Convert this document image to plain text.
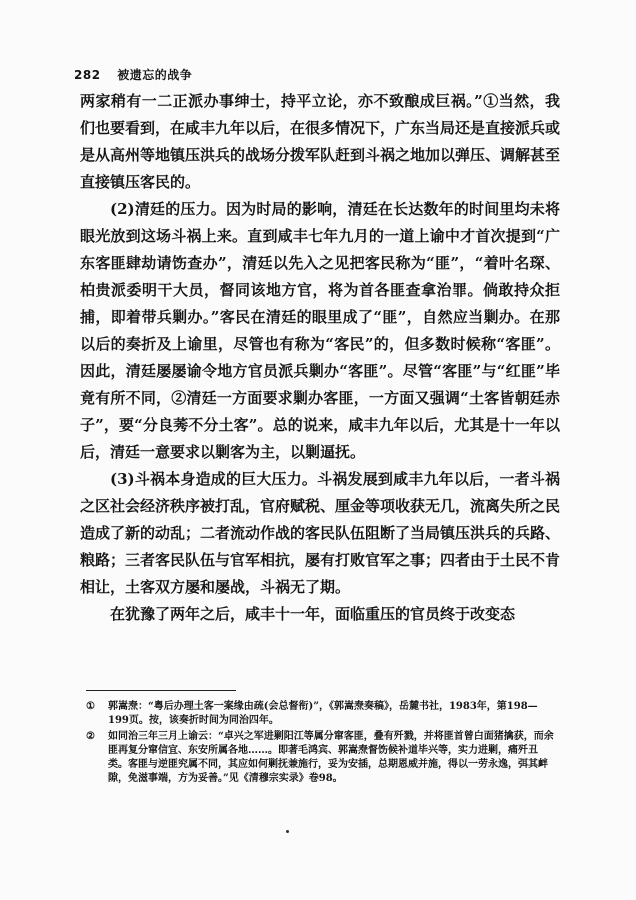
282 被遗忘的战争

两家稍有一二正派办事绅士，持平立论，亦不致酿成巨祸。”①当然，我们也要看到，在咸丰九年以后，在很多情况下，广东当局还是直接派兵或是从高州等地镇压洪兵的战场分拨军队赶到斗祸之地加以弹压、调解甚至直接镇压客民的。

(2)清廷的压力。因为时局的影响，清廷在长达数年的时间里均未将眼光放到这场斗祸上来。直到咸丰七年九月的一道上谕中才首次提到“广东客匪肆劫请饬查办”，清廷以先入之见把客民称为“匪”，“着叶名琛、柏贵派委明干大员，督同该地方官，将为首各匪查拿治罪。倘敢持众拒捕，即着带兵剿办。”客民在清廷的眼里成了“匪”，自然应当剿办。在那以后的奏折及上谕里，尽管也有称为“客民”的，但多数时候称“客匪”。因此，清廷屡屡谕令地方官员派兵剿办“客匪”。尽管“客匪”与“红匪”毕竟有所不同，②清廷一方面要求剿办客匪，一方面又强调“土客皆朝廷赤子”，要“分良莠不分土客”。总的说来，咸丰九年以后，尤其是十一年以后，清廷一意要求以剿客为主，以剿逼抚。

(3)斗祸本身造成的巨大压力。斗祸发展到咸丰九年以后，一者斗祸之区社会经济秩序被打乱，官府赋税、厘金等项收获无几，流离失所之民造成了新的动乱；二者流动作战的客民队伍阻断了当局镇压洪兵的兵路、粮路；三者客民队伍与官军相抗，屡有打败官军之事；四者由于土民不肯相让，土客双方屡和屡战，斗祸无了期。

在犹豫了两年之后，咸丰十一年，面临重压的官员终于改变态

①	郭嵩焘：“粤后办理土客一案缘由疏(会总督衔)”，《郭嵩焘奏稿》，岳麓书社，1983年，第198—199页。按，该奏折时间为同治四年。
②	如同治三年三月上谕云：“卓兴之军进剿阳江等属分窜客匪，叠有歼戮，并将匪首曾白面猪擒获，而余匪再复分窜信宜、东安所属各地……。即著毛鸿宾、郭嵩焘督饬候补道毕兴等，实力进剿，痛歼丑类。客匪与逆匪究属不同，其应如何剿抚兼施行，妥为安插，总期恩威并施，得以一劳永逸，弭其衅隙，免滋事端，方为妥善。”见《清穆宗实录》卷98。
